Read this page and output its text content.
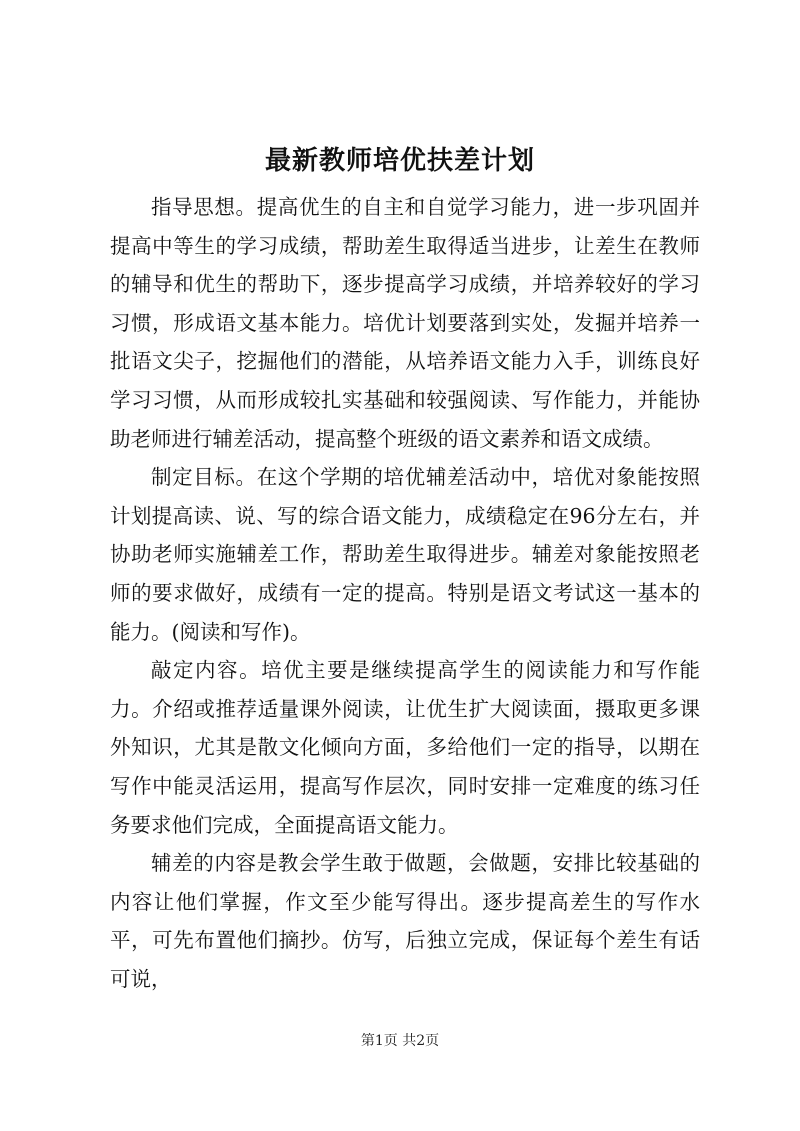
最新教师培优扶差计划

指导思想。提高优生的自主和自觉学习能力，进一步巩固并提高中等生的学习成绩，帮助差生取得适当进步，让差生在教师的辅导和优生的帮助下，逐步提高学习成绩，并培养较好的学习习惯，形成语文基本能力。培优计划要落到实处，发掘并培养一批语文尖子，挖掘他们的潜能，从培养语文能力入手，训练良好学习习惯，从而形成较扎实基础和较强阅读、写作能力，并能协助老师进行辅差活动，提高整个班级的语文素养和语文成绩。

制定目标。在这个学期的培优辅差活动中，培优对象能按照计划提高读、说、写的综合语文能力，成绩稳定在96分左右，并协助老师实施辅差工作，帮助差生取得进步。辅差对象能按照老师的要求做好，成绩有一定的提高。特别是语文考试这一基本的能力。(阅读和写作)。

敲定内容。培优主要是继续提高学生的阅读能力和写作能力。介绍或推荐适量课外阅读，让优生扩大阅读面，摄取更多课外知识，尤其是散文化倾向方面，多给他们一定的指导，以期在写作中能灵活运用，提高写作层次，同时安排一定难度的练习任务要求他们完成，全面提高语文能力。

辅差的内容是教会学生敢于做题，会做题，安排比较基础的内容让他们掌握，作文至少能写得出。逐步提高差生的写作水平，可先布置他们摘抄。仿写，后独立完成，保证每个差生有话可说，

第1页 共2页
